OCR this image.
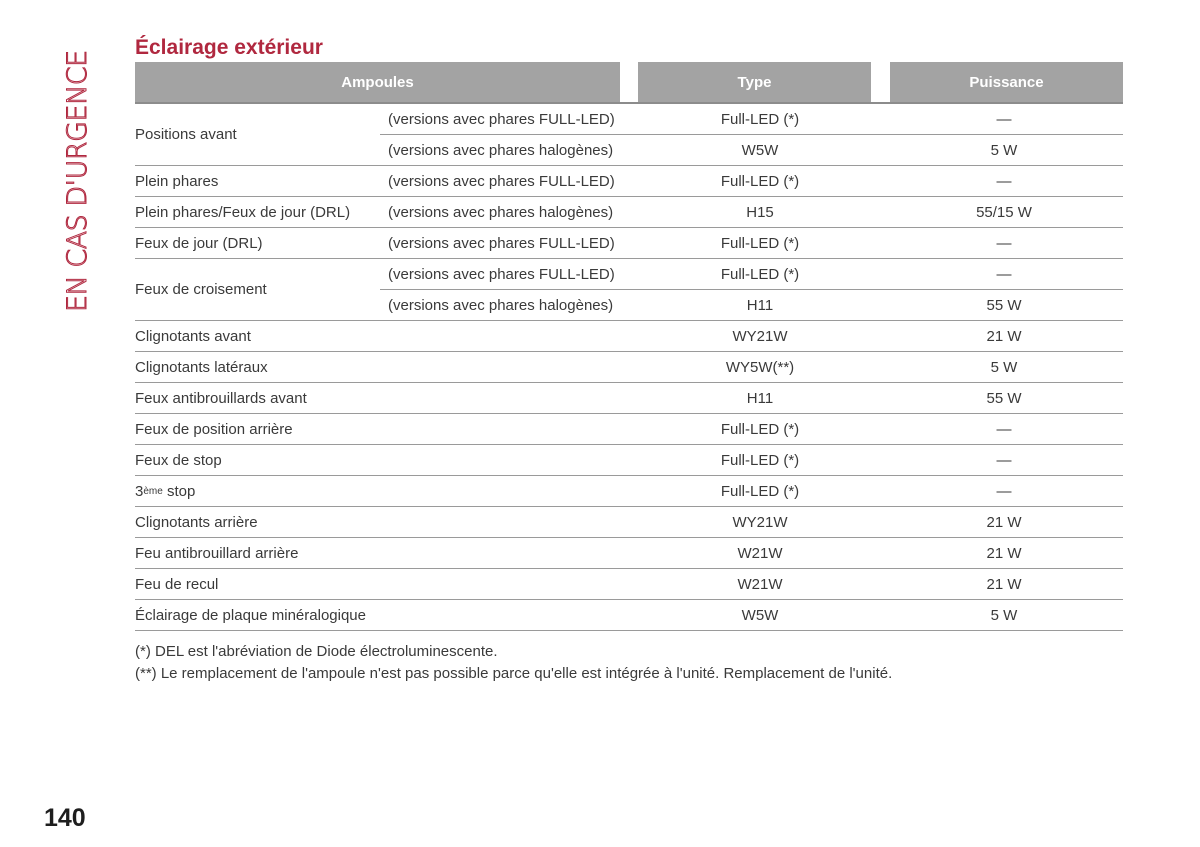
EN CAS D'URGENCE
Éclairage extérieur
Ampoules	Type	Puissance
Positions avant
(versions avec phares FULL-LED)	Full-LED (*)	—
(versions avec phares halogènes)	W5W	5 W
Plein phares	(versions avec phares FULL-LED)	Full-LED (*)	—
Plein phares/Feux de jour (DRL)	(versions avec phares halogènes)	H15	55/15 W
Feux de jour (DRL)	(versions avec phares FULL-LED)	Full-LED (*)	—
Feux de croisement
(versions avec phares FULL-LED)	Full-LED (*)	—
(versions avec phares halogènes)	H11	55 W
Clignotants avant	WY21W	21 W
Clignotants latéraux	WY5W(**)	5 W
Feux antibrouillards avant	H11	55 W
Feux de position arrière	Full-LED (*)	—
Feux de stop	Full-LED (*)	—
3 ème stop	Full-LED (*)	—
Clignotants arrière	WY21W	21 W
Feu antibrouillard arrière	W21W	21 W
Feu de recul	W21W	21 W
Éclairage de plaque minéralogique	W5W	5 W
(*) DEL est l'abréviation de Diode électroluminescente.
(**) Le remplacement de l'ampoule n'est pas possible parce qu'elle est intégrée à l'unité. Remplacement de l'unité.
140
